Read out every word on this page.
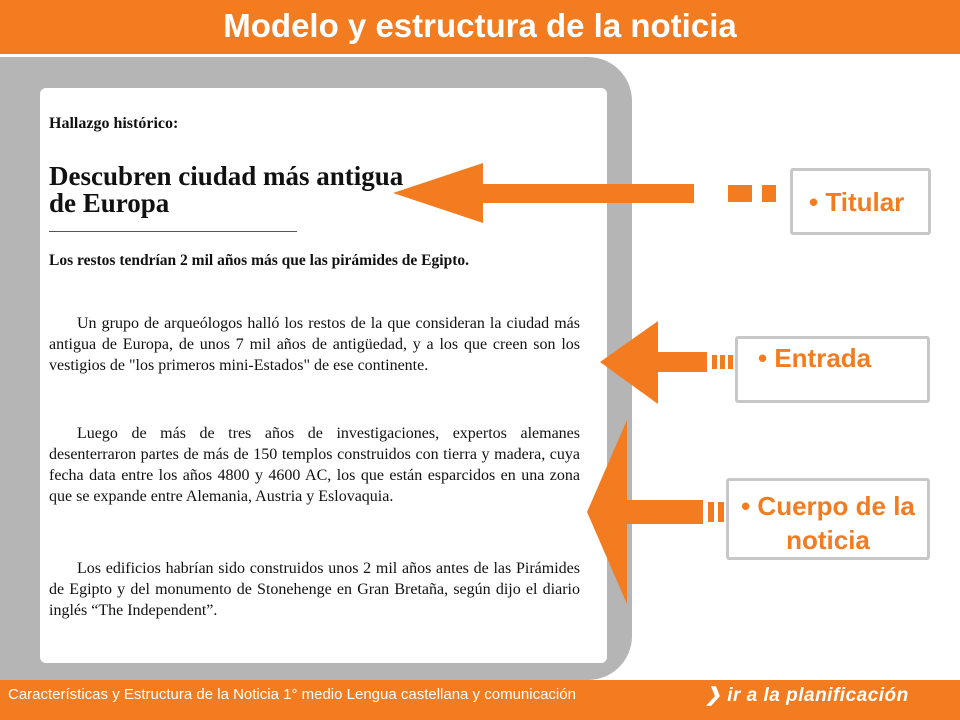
Modelo y estructura de la noticia
Hallazgo histórico:
Descubren ciudad más antigua de Europa
Los restos tendrían 2 mil años más que las pirámides de Egipto.
Un grupo de arqueólogos halló los restos de la que consideran la ciudad más antigua de Europa, de unos 7 mil años de antigüedad, y a los que creen son los vestigios de "los primeros mini-Estados" de ese continente.
Luego de más de tres años de investigaciones, expertos alemanes desenterraron partes de más de 150 templos construidos con tierra y madera, cuya fecha data entre los años 4800 y 4600 AC, los que están esparcidos en una zona que se expande entre Alemania, Austria y Eslovaquia.
Los edificios habrían sido construidos unos 2 mil años antes de las Pirámides de Egipto y del monumento de Stonehenge en Gran Bretaña, según dijo el diario inglés “The Independent”.
• Titular
• Entrada
• Cuerpo de la noticia
Características y Estructura de la Noticia 1° medio Lengua castellana y comunicación	❯ ir a la planificación
